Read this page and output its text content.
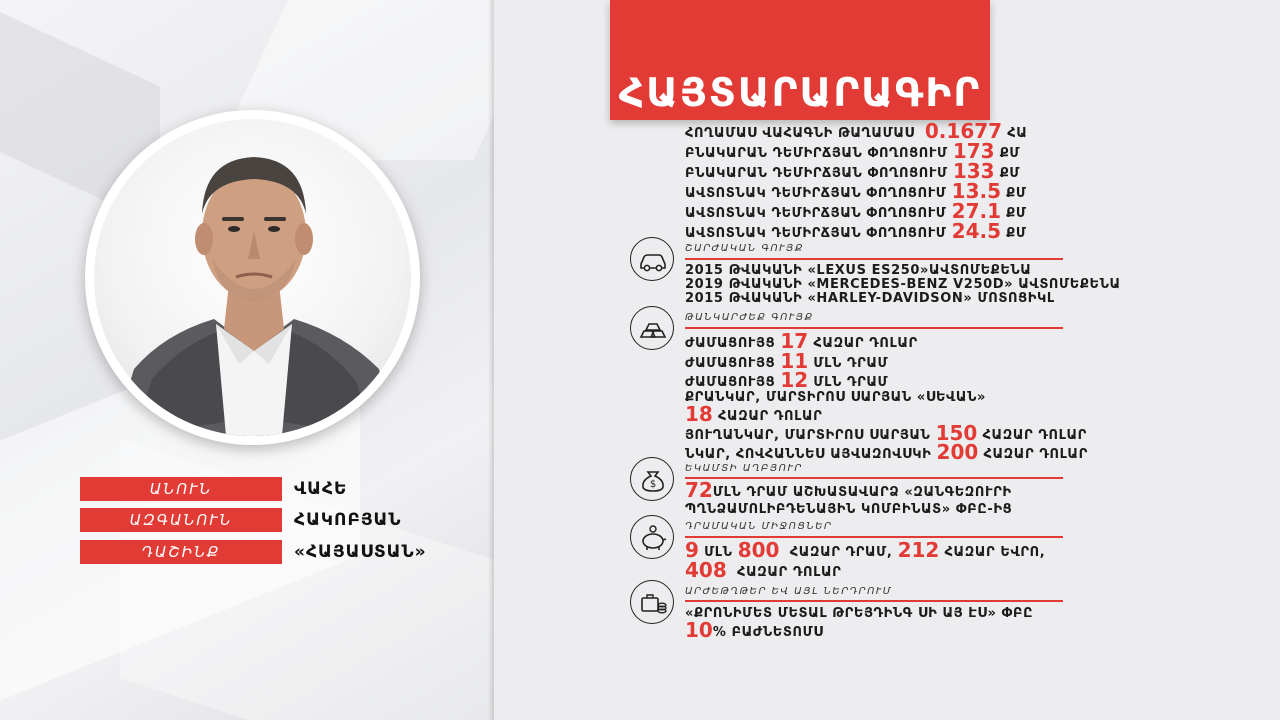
ԱՆՈՒՆ	ՎԱՀԵ
ԱԶԳԱՆՈՒՆ	ՀԱԿՈԲՅԱՆ
ԴԱՇԻՆՔ	«ՀԱՅԱՍՏԱՆ»
ՀԱՅՏԱՐԱՐԱԳԻՐ
ՀՈՂԱՄԱՍ ՎԱՀԱԳՆԻ ԹԱՂԱՄԱՍ 0.1677 ՀԱ
ԲՆԱԿԱՐԱՆ ԴԵՄԻՐՃՅԱՆ ՓՈՂՈՑՈՒՄ 173 ՔՄ
ԲՆԱԿԱՐԱՆ ԴԵՄԻՐՃՅԱՆ ՓՈՂՈՑՈՒՄ 133 ՔՄ
ԱՎՏՈՏՆԱԿ ԴԵՄԻՐՃՅԱՆ ՓՈՂՈՑՈՒՄ 13.5 ՔՄ
ԱՎՏՈՏՆԱԿ ԴԵՄԻՐՃՅԱՆ ՓՈՂՈՑՈՒՄ 27.1 ՔՄ
ԱՎՏՈՏՆԱԿ ԴԵՄԻՐՃՅԱՆ ՓՈՂՈՑՈՒՄ 24.5 ՔՄ
ՇԱՐԺԱԿԱՆ ԳՈՒՅՔ
2015 ԹՎԱԿԱՆԻ «LEXUS ES250»ԱՎՏՈՄԵՔԵՆԱ
2019 ԹՎԱԿԱՆԻ «MERCEDES-BENZ V250D» ԱՎՏՈՄԵՔԵՆԱ
2015 ԹՎԱԿԱՆԻ «HARLEY-DAVIDSON» ՄՈՏՈՑԻԿԼ
ԹԱՆԿԱՐԺԵՔ ԳՈՒՅՔ
ԺԱՄԱՑՈՒՅՑ 17 ՀԱԶԱՐ ԴՈԼԱՐ
ԺԱՄԱՑՈՒՅՑ 11 ՄԼՆ ԴՐԱՄ
ԺԱՄԱՑՈՒՅՑ 12 ՄԼՆ ԴՐԱՄ
ՔՐԱՆԿԱՐ, ՄԱՐՏԻՐՈՍ ՍԱՐՅԱՆ «ՍԵՎԱՆ»
18 ՀԱԶԱՐ ԴՈԼԱՐ
ՅՈՒՂԱՆԿԱՐ, ՄԱՐՏԻՐՈՍ ՍԱՐՅԱՆ 150 ՀԱԶԱՐ ԴՈԼԱՐ
ՆԿԱՐ, ՀՈՎՀԱՆՆԵՍ ԱՅՎԱԶՈՎՍԿԻ 200 ՀԱԶԱՐ ԴՈԼԱՐ
$
ԵԿԱՄՏԻ ԱՂԲՅՈՒՐ
72ՄԼՆ ԴՐԱՄ ԱՇԽԱՏԱՎԱՐՁ «ԶԱՆԳԵԶՈՒՐԻ
ՊՂՆՁԱՄՈԼԻԲԴԵՆԱՅԻՆ ԿՈՄԲԻՆԱՏ» ՓԲԸ-ԻՑ
ԴՐԱՄԱԿԱՆ ՄԻՋՈՑՆԵՐ
9 ՄԼՆ 800 ՀԱԶԱՐ ԴՐԱՄ, 212 ՀԱԶԱՐ ԵՎՐՈ,
408 ՀԱԶԱՐ ԴՈԼԱՐ
ԱՐԺԵԹՂԹԵՐ ԵՎ ԱՅԼ ՆԵՐԴՐՈՒՄ
«ՔՐՈՆԻՄԵՏ ՄԵՏԱԼ ԹՐԵՅԴԻՆԳ ՍԻ ԱՅ ԷՍ» ՓԲԸ
10% ԲԱԺՆԵՏՈՄՍ
